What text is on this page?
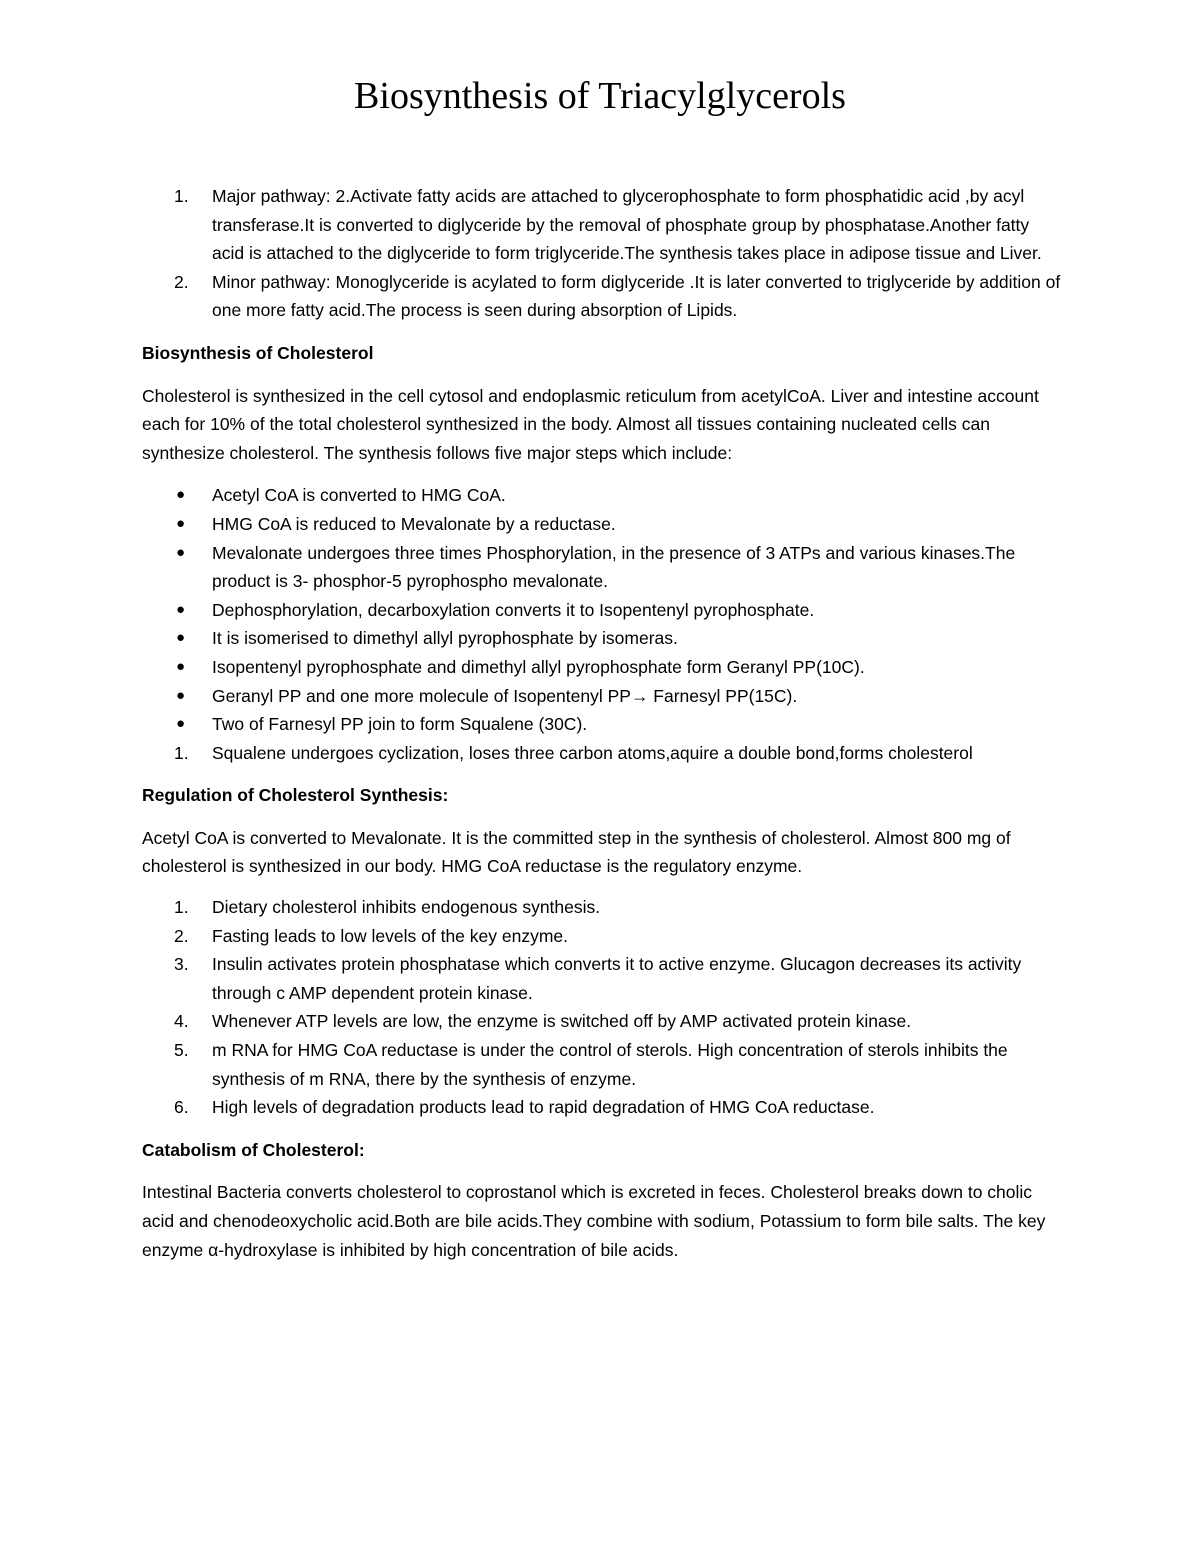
Biosynthesis of Triacylglycerols
1. Major pathway: 2.Activate fatty acids are attached to glycerophosphate to form phosphatidic acid ,by acyl transferase.It is converted to diglyceride by the removal of phosphate group by phosphatase.Another fatty acid is attached to the diglyceride to form triglyceride.The synthesis takes place in adipose tissue and Liver.
2. Minor pathway: Monoglyceride is acylated to form diglyceride .It is later converted to triglyceride by addition of one more fatty acid.The process is seen during absorption of Lipids.
Biosynthesis of Cholesterol

Cholesterol is synthesized in the cell cytosol and endoplasmic reticulum from acetylCoA. Liver and intestine account each for 10% of the total cholesterol synthesized in the body. Almost all tissues containing nucleated cells can synthesize cholesterol. The synthesis follows five major steps which include:

● Acetyl CoA is converted to HMG CoA.
● HMG CoA is reduced to Mevalonate by a reductase.
● Mevalonate undergoes three times Phosphorylation, in the presence of 3 ATPs and various kinases.The product is 3- phosphor-5 pyrophospho mevalonate.
● Dephosphorylation, decarboxylation converts it to Isopentenyl pyrophosphate.
● It is isomerised to dimethyl allyl pyrophosphate by isomeras.
● Isopentenyl pyrophosphate and dimethyl allyl pyrophosphate form Geranyl PP(10C).
● Geranyl PP and one more molecule of Isopentenyl PP→ Farnesyl PP(15C).
● Two of Farnesyl PP join to form Squalene (30C).
1. Squalene undergoes cyclization, loses three carbon atoms,aquire a double bond,forms cholesterol
Regulation of Cholesterol Synthesis:

Acetyl CoA is converted to Mevalonate. It is the committed step in the synthesis of cholesterol. Almost 800 mg of cholesterol is synthesized in our body. HMG CoA reductase is the regulatory enzyme.

1. Dietary cholesterol inhibits endogenous synthesis.
2. Fasting leads to low levels of the key enzyme.
3. Insulin activates protein phosphatase which converts it to active enzyme. Glucagon decreases its activity through c AMP dependent protein kinase.
4. Whenever ATP levels are low, the enzyme is switched off by AMP activated protein kinase.
5. m RNA for HMG CoA reductase is under the control of sterols. High concentration of sterols inhibits the synthesis of m RNA, there by the synthesis of enzyme.
6. High levels of degradation products lead to rapid degradation of HMG CoA reductase.
Catabolism of Cholesterol:

Intestinal Bacteria converts cholesterol to coprostanol which is excreted in feces. Cholesterol breaks down to cholic acid and chenodeoxycholic acid.Both are bile acids.They combine with sodium, Potassium to form bile salts. The key enzyme α-hydroxylase is inhibited by high concentration of bile acids.
